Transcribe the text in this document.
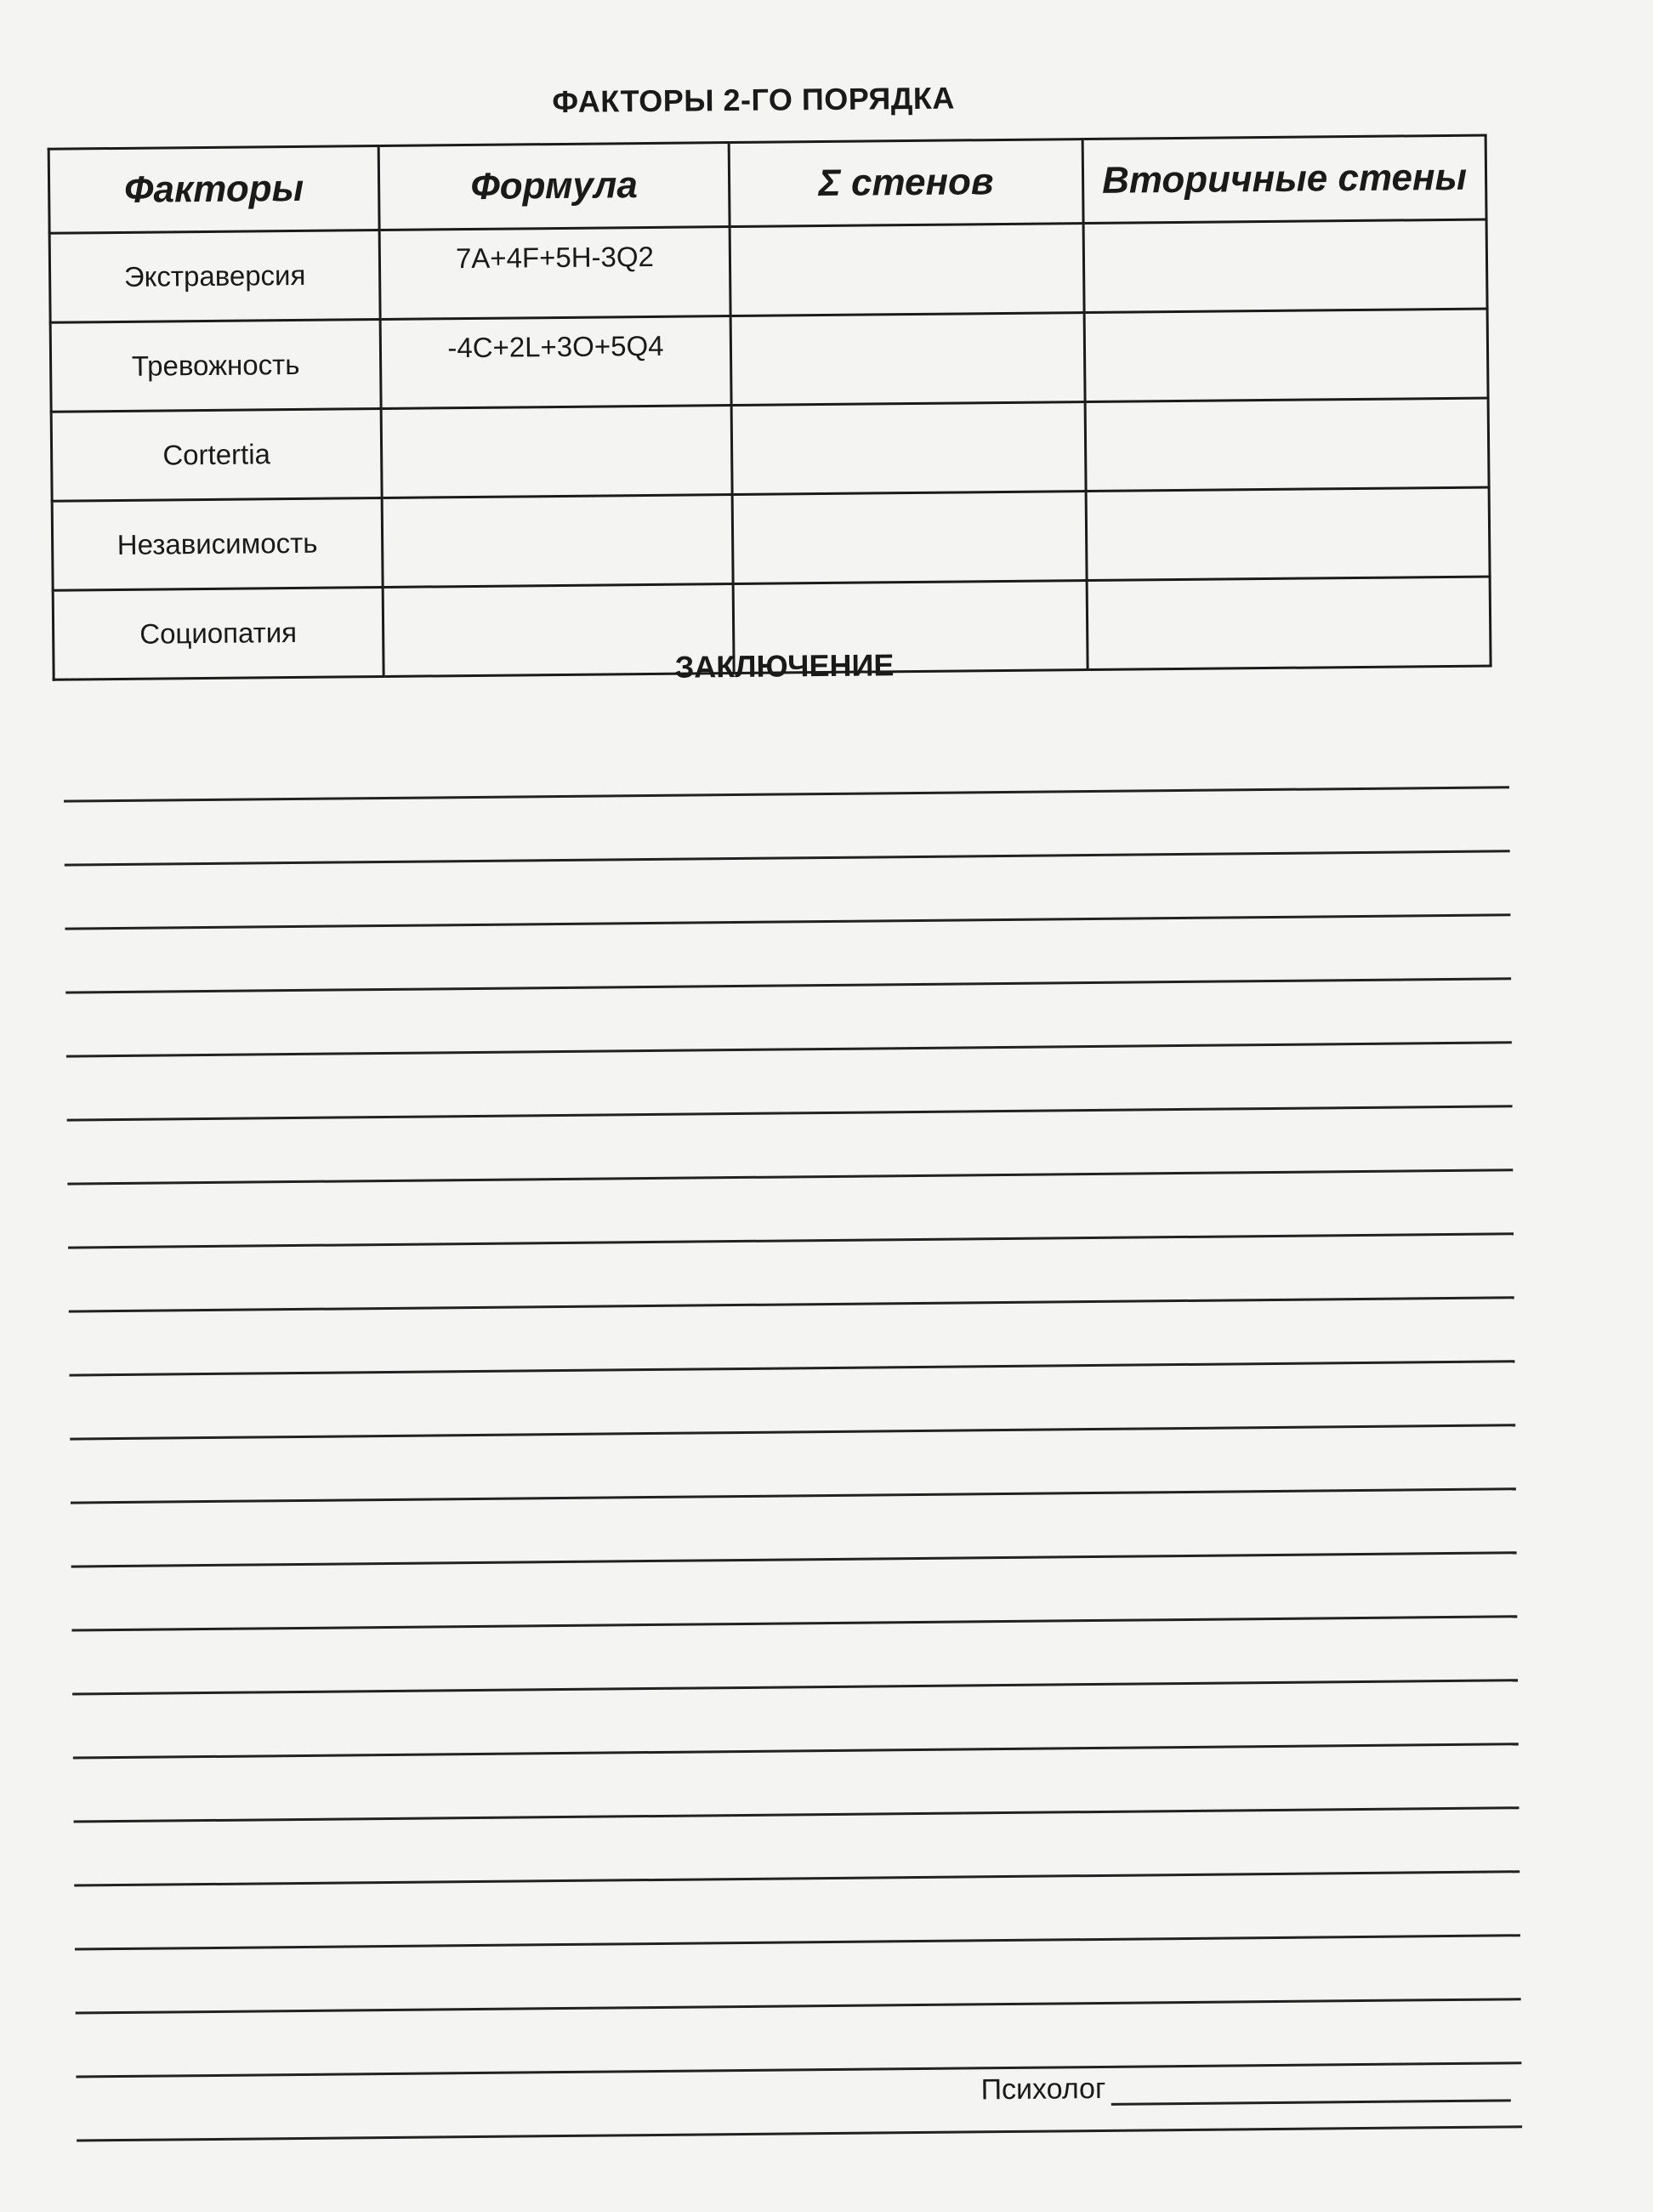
ФАКТОРЫ 2-ГО ПОРЯДКА
Факторы	Формула	Σ стенов	Вторичные стены
Экстраверсия	7A+4F+5H-3Q2		
Тревожность	-4C+2L+3O+5Q4		
Cortertia			
Независимость			
Социопатия			
ЗАКЛЮЧЕНИЕ
Психолог
